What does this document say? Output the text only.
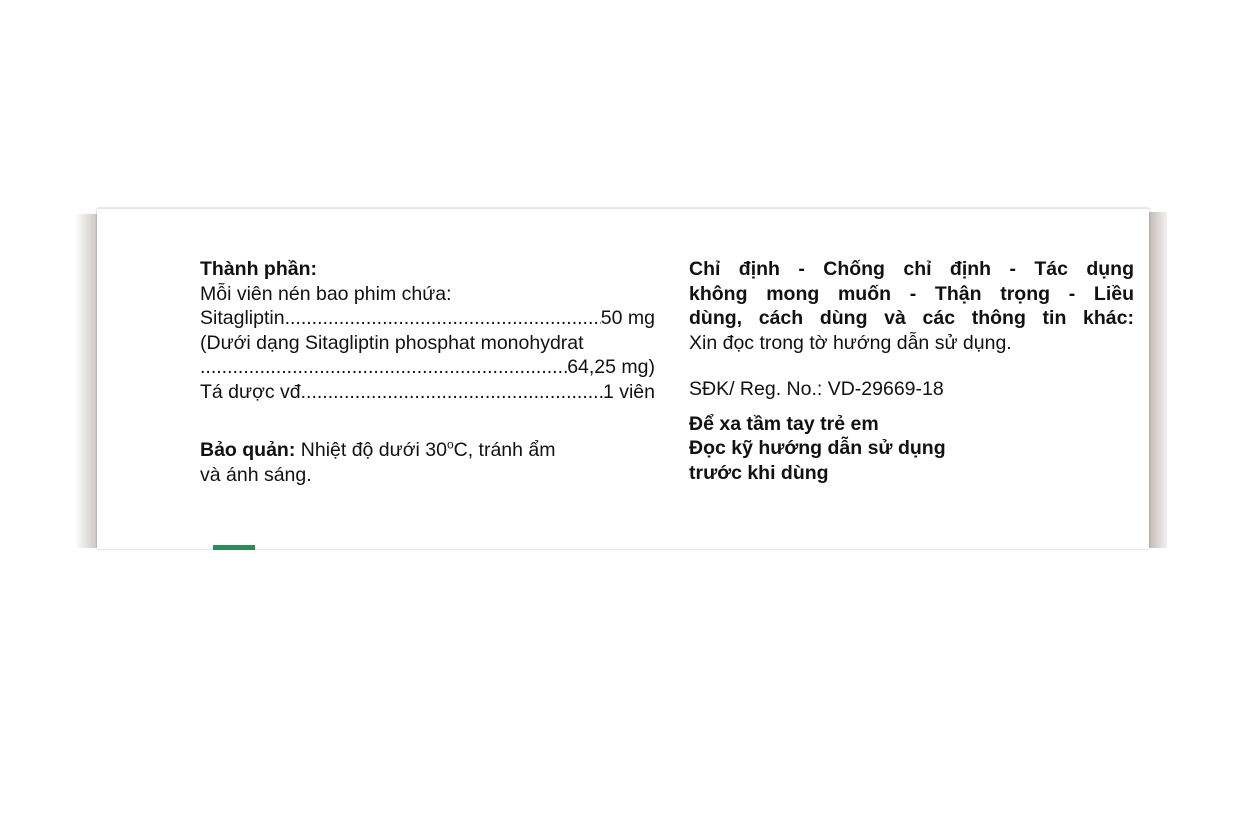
Thành phần:
Mỗi viên nén bao phim chứa:
Sitagliptin .....	50 mg
(Dưới dạng Sitagliptin phosphat monohydrat
.....
64,25 mg)
Tá dược vđ .....	1 viên
Bảo quản: Nhiệt độ dưới 30$^o$C, tránh ẩm
và ánh sáng.
Chỉ định - Chống chỉ định - Tác dụng
không mong muốn - Thận trọng - Liều
dùng, cách dùng và các thông tin khác:
Xin đọc trong tờ hướng dẫn sử dụng.
SĐK/ Reg. No.: VD-29669-18
Để xa tầm tay trẻ em
Đọc kỹ hướng dẫn sử dụng
trước khi dùng
